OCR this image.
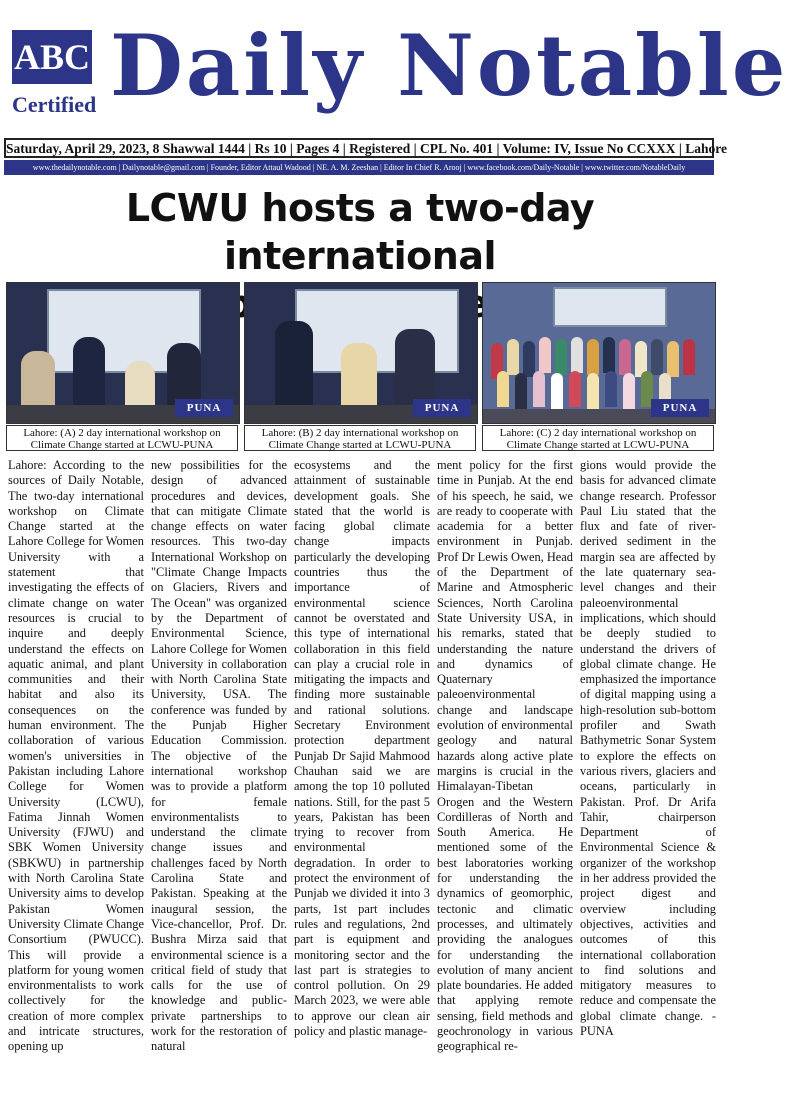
ABC
Certified Daily Notable
Saturday, April 29, 2023, 8 Shawwal 1444 | Rs 10 | Pages 4 | Registered | CPL No. 401 | Volume: IV, Issue No CCXXX | Lahore
www.thedailynotable.com | Dailynotable@gmail.com | Founder, Editor Attaul Wadood | NE. A. M. Zeeshan | Editor In Chief R. Arooj | www.facebook.com/Daily-Notable | www.twitter.com/NotableDaily
LCWU hosts a two-day international
PUNA
Lahore: (A) 2 day international workshop on Climate Change started at LCWU-PUNA
PUNA
Lahore: (B) 2 day international workshop on Climate Change started at LCWU-PUNA
PUNA
Lahore: (C) 2 day international workshop on Climate Change started at LCWU-PUNA
Lahore: According to the sources of Daily Notable, The two-day international workshop on Climate Change started at the Lahore College for Women University with a statement that investigating the effects of climate change on water resources is crucial to inquire and deeply understand the effects on aquatic animal, and plant communities and their habitat and also its consequences on the human environment. The collaboration of various women's universities in Pakistan including Lahore College for Women University (LCWU), Fatima Jinnah Women University (FJWU) and SBK Women University (SBKWU) in partnership with North Carolina State University aims to develop Pakistan Women University Climate Change Consortium (PWUCC). This will provide a platform for young women environmentalists to work collectively for the creation of more complex and intricate structures, opening up
new possibilities for the design of advanced procedures and devices, that can mitigate Climate change effects on water resources. This two-day International Workshop on "Climate Change Impacts on Glaciers, Rivers and The Ocean" was organized by the Department of Environmental Science, Lahore College for Women University in collaboration with North Carolina State University, USA. The conference was funded by the Punjab Higher Education Commission. The objective of the international workshop was to provide a platform for female environmentalists to understand the climate change issues and challenges faced by North Carolina State and Pakistan. Speaking at the inaugural session, the Vice-chancellor, Prof. Dr. Bushra Mirza said that environmental science is a critical field of study that calls for the use of knowledge and public-private partnerships to work for the restoration of natural
ecosystems and the attainment of sustainable development goals. She stated that the world is facing global climate change impacts particularly the developing countries thus the importance of environmental science cannot be overstated and this type of international collaboration in this field can play a crucial role in mitigating the impacts and finding more sustainable and rational solutions. Secretary Environment protection department Punjab Dr Sajid Mahmood Chauhan said we are among the top 10 polluted nations. Still, for the past 5 years, Pakistan has been trying to recover from environmental degradation. In order to protect the environment of Punjab we divided it into 3 parts, 1st part includes rules and regulations, 2nd part is equipment and monitoring sector and the last part is strategies to control pollution. On 29 March 2023, we were able to approve our clean air policy and plastic manage-
ment policy for the first time in Punjab. At the end of his speech, he said, we are ready to cooperate with academia for a better environment in Punjab. Prof Dr Lewis Owen, Head of the Department of Marine and Atmospheric Sciences, North Carolina State University USA, in his remarks, stated that understanding the nature and dynamics of Quaternary paleoenvironmental change and landscape evolution of environmental geology and natural hazards along active plate margins is crucial in the Himalayan-Tibetan Orogen and the Western Cordilleras of North and South America. He mentioned some of the best laboratories working for understanding the dynamics of geomorphic, tectonic and climatic processes, and ultimately providing the analogues for understanding the evolution of many ancient plate boundaries. He added that applying remote sensing, field methods and geochronology in various geographical re-
gions would provide the basis for advanced climate change research. Professor Paul Liu stated that the flux and fate of river-derived sediment in the margin sea are affected by the late quaternary sea-level changes and their paleoenvironmental implications, which should be deeply studied to understand the drivers of global climate change. He emphasized the importance of digital mapping using a high-resolution sub-bottom profiler and Swath Bathymetric Sonar System to explore the effects on various rivers, glaciers and oceans, particularly in Pakistan. Prof. Dr Arifa Tahir, chairperson Department of Environmental Science & organizer of the workshop in her address provided the project digest and overview including objectives, activities and outcomes of this international collaboration to find solutions and mitigatory measures to reduce and compensate the global climate change. - PUNA
